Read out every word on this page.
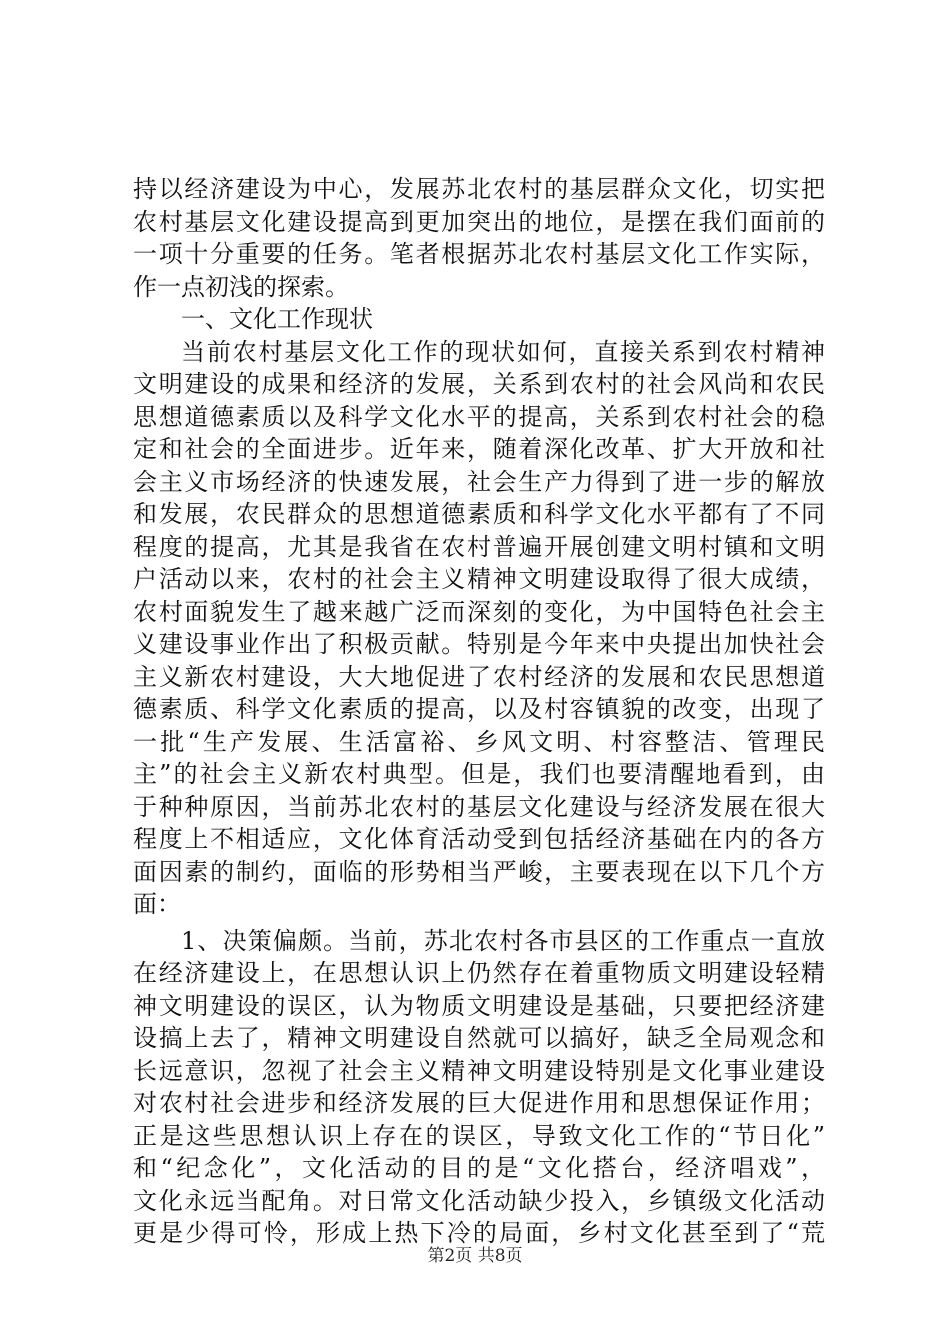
持以经济建设为中心，发展苏北农村的基层群众文化，切实把
农村基层文化建设提高到更加突出的地位，是摆在我们面前的
一项十分重要的任务。笔者根据苏北农村基层文化工作实际，
作一点初浅的探索。
一、文化工作现状
当前农村基层文化工作的现状如何，直接关系到农村精神
文明建设的成果和经济的发展，关系到农村的社会风尚和农民
思想道德素质以及科学文化水平的提高，关系到农村社会的稳
定和社会的全面进步。近年来，随着深化改革、扩大开放和社
会主义市场经济的快速发展，社会生产力得到了进一步的解放
和发展，农民群众的思想道德素质和科学文化水平都有了不同
程度的提高，尤其是我省在农村普遍开展创建文明村镇和文明
户活动以来，农村的社会主义精神文明建设取得了很大成绩，
农村面貌发生了越来越广泛而深刻的变化，为中国特色社会主
义建设事业作出了积极贡献。特别是今年来中央提出加快社会
主义新农村建设，大大地促进了农村经济的发展和农民思想道
德素质、科学文化素质的提高，以及村容镇貌的改变，出现了
一批“生产发展、生活富裕、乡风文明、村容整洁、管理民
主”的社会主义新农村典型。但是，我们也要清醒地看到，由
于种种原因，当前苏北农村的基层文化建设与经济发展在很大
程度上不相适应，文化体育活动受到包括经济基础在内的各方
面因素的制约，面临的形势相当严峻，主要表现在以下几个方
面：
1、决策偏颇。当前，苏北农村各市县区的工作重点一直放
在经济建设上，在思想认识上仍然存在着重物质文明建设轻精
神文明建设的误区，认为物质文明建设是基础，只要把经济建
设搞上去了，精神文明建设自然就可以搞好，缺乏全局观念和
长远意识，忽视了社会主义精神文明建设特别是文化事业建设
对农村社会进步和经济发展的巨大促进作用和思想保证作用；
正是这些思想认识上存在的误区，导致文化工作的“节日化”
和“纪念化”，文化活动的目的是“文化搭台，经济唱戏”，
文化永远当配角。对日常文化活动缺少投入，乡镇级文化活动
更是少得可怜，形成上热下冷的局面，乡村文化甚至到了“荒
第2页 共8页
